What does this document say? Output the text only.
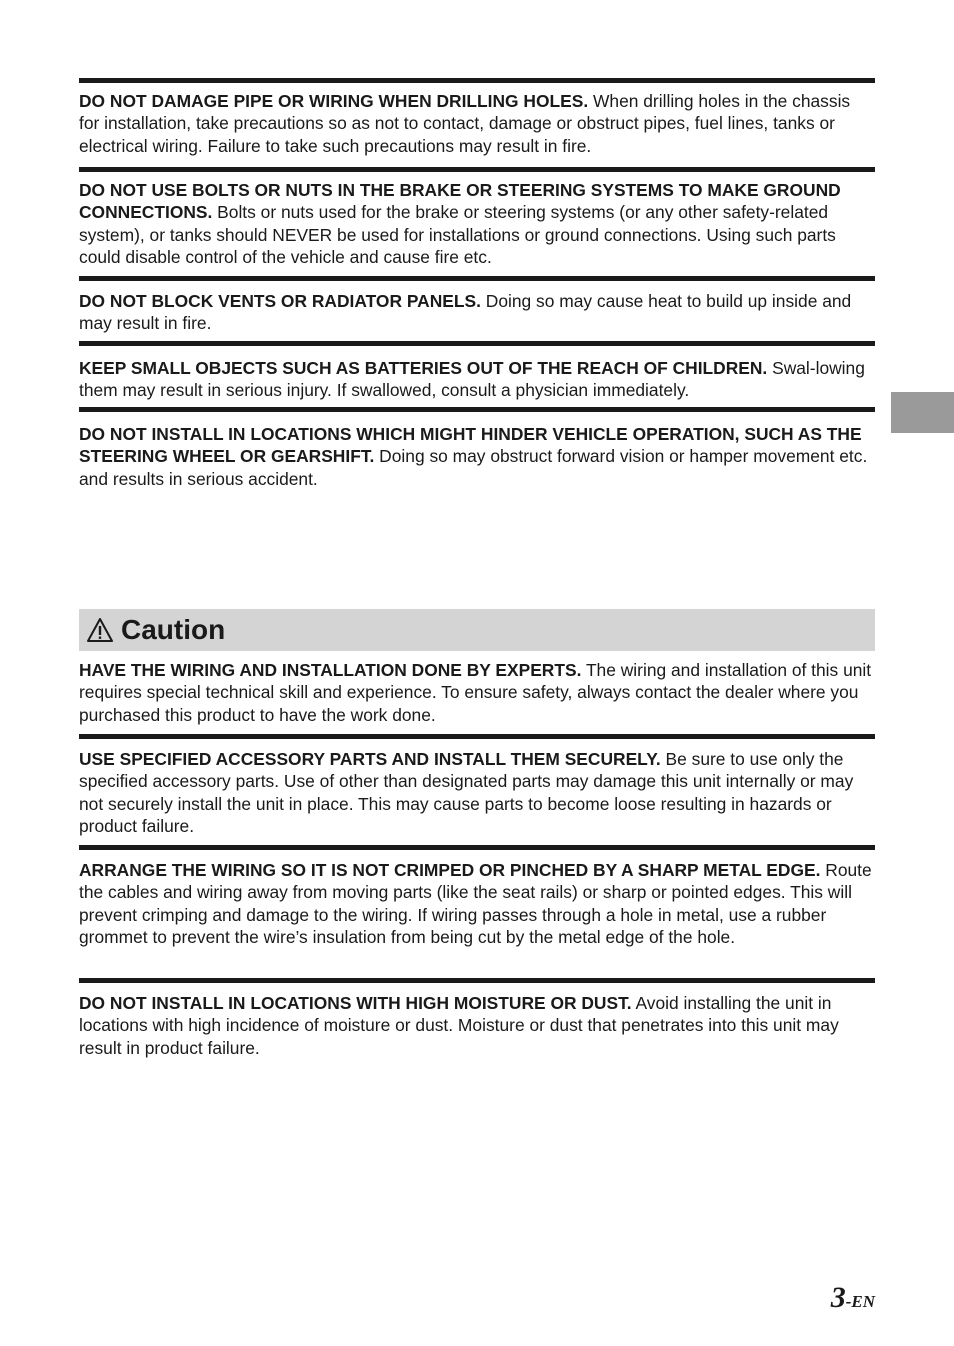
DO NOT DAMAGE PIPE OR WIRING WHEN DRILLING HOLES. When drilling holes in the chassis for installation, take precautions so as not to contact, damage or obstruct pipes, fuel lines, tanks or electrical wiring. Failure to take such precautions may result in fire.

DO NOT USE BOLTS OR NUTS IN THE BRAKE OR STEERING SYSTEMS TO MAKE GROUND CONNECTIONS. Bolts or nuts used for the brake or steering systems (or any other safety-related system), or tanks should NEVER be used for installations or ground connections. Using such parts could disable control of the vehicle and cause fire etc.

DO NOT BLOCK VENTS OR RADIATOR PANELS. Doing so may cause heat to build up inside and may result in fire.

KEEP SMALL OBJECTS SUCH AS BATTERIES OUT OF THE REACH OF CHILDREN. Swal-lowing them may result in serious injury. If swallowed, consult a physician immediately.

DO NOT INSTALL IN LOCATIONS WHICH MIGHT HINDER VEHICLE OPERATION, SUCH AS THE STEERING WHEEL OR GEARSHIFT. Doing so may obstruct forward vision or hamper movement etc. and results in serious accident.

Caution

HAVE THE WIRING AND INSTALLATION DONE BY EXPERTS. The wiring and installation of this unit requires special technical skill and experience. To ensure safety, always contact the dealer where you purchased this product to have the work done.

USE SPECIFIED ACCESSORY PARTS AND INSTALL THEM SECURELY. Be sure to use only the specified accessory parts. Use of other than designated parts may damage this unit internally or may not securely install the unit in place. This may cause parts to become loose resulting in hazards or product failure.

ARRANGE THE WIRING SO IT IS NOT CRIMPED OR PINCHED BY A SHARP METAL EDGE. Route the cables and wiring away from moving parts (like the seat rails) or sharp or pointed edges. This will prevent crimping and damage to the wiring. If wiring passes through a hole in metal, use a rubber grommet to prevent the wire’s insulation from being cut by the metal edge of the hole.

DO NOT INSTALL IN LOCATIONS WITH HIGH MOISTURE OR DUST. Avoid installing the unit in locations with high incidence of moisture or dust. Moisture or dust that penetrates into this unit may result in product failure.

3-EN
